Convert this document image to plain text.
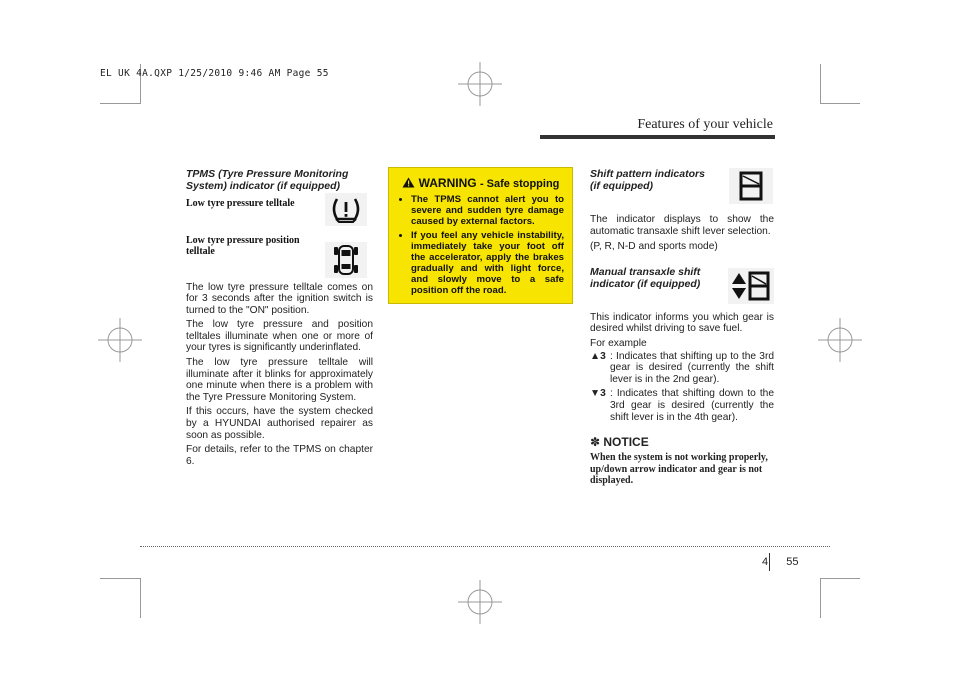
EL UK 4A.QXP 1/25/2010 9:46 AM Page 55
Features of your vehicle
TPMS (Tyre Pressure Monitoring System) indicator (if equipped)
Low tyre pressure telltale
Low tyre pressure position telltale

The low tyre pressure telltale comes on for 3 seconds after the ignition switch is turned to the "ON" position.

The low tyre pressure and position telltales illuminate when one or more of your tyres is significantly underinflated.

The low tyre pressure telltale will illuminate after it blinks for approximately one minute when there is a problem with the Tyre Pressure Monitoring System.

If this occurs, have the system checked by a HYUNDAI authorised repairer as soon as possible.

For details, refer to the TPMS on chapter 6.

WARNING - Safe stopping
• The TPMS cannot alert you to severe and sudden tyre damage caused by external factors.
• If you feel any vehicle instability, immediately take your foot off the accelerator, apply the brakes gradually and with light force, and slowly move to a safe position off the road.
Shift pattern indicators (if equipped)
The indicator displays to show the automatic transaxle shift lever selection.
(P, R, N-D and sports mode)
Manual transaxle shift indicator (if equipped)
This indicator informs you which gear is desired whilst driving to save fuel.
For example
▲3 : Indicates that shifting up to the 3rd gear is desired (currently the shift lever is in the 2nd gear).
▼3 : Indicates that shifting down to the 3rd gear is desired (currently the shift lever is in the 4th gear).
✽ NOTICE
When the system is not working properly, up/down arrow indicator and gear is not displayed.
4 55
